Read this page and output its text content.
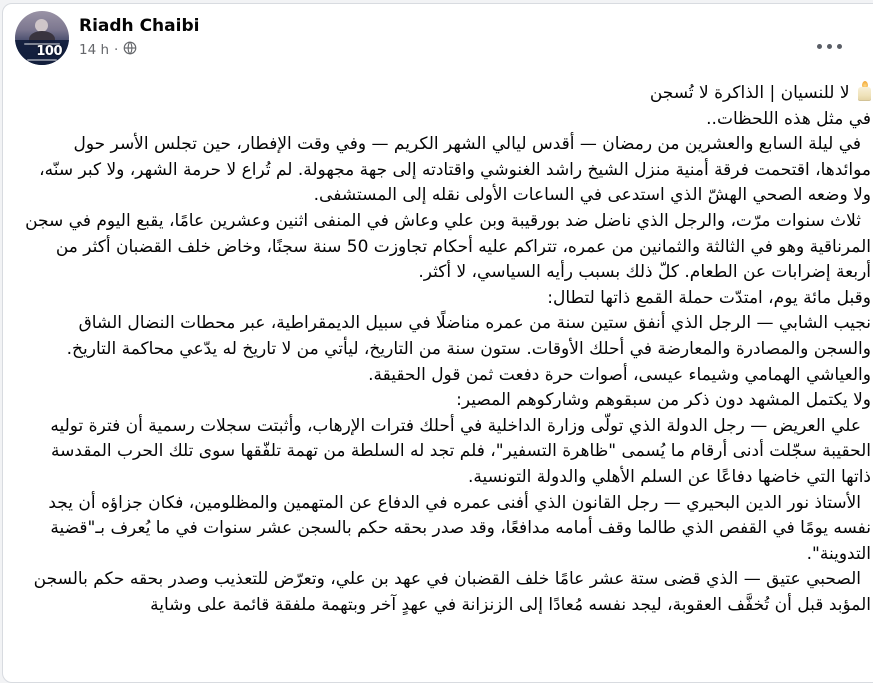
100
Riadh Chaibi
14 h ·

لا للنسيان | الذاكرة لا تُسجن

في مثل هذه اللحظات..

في ليلة السابع والعشرين من رمضان — أقدس ليالي الشهر الكريم — وفي وقت الإفطار، حين تجلس الأسر حول موائدها، اقتحمت فرقة أمنية منزل الشيخ راشد الغنوشي واقتادته إلى جهة مجهولة. لم تُراع لا حرمة الشهر، ولا كبر سنّه، ولا وضعه الصحي الهشّ الذي استدعى في الساعات الأولى نقله إلى المستشفى.

ثلاث سنوات مرّت، والرجل الذي ناضل ضد بورقيبة وبن علي وعاش في المنفى اثنين وعشرين عامًا، يقبع اليوم في سجن المرناقية وهو في الثالثة والثمانين من عمره، تتراكم عليه أحكام تجاوزت 50 سنة سجنًا، وخاض خلف القضبان أكثر من أربعة إضرابات عن الطعام. كلّ ذلك بسبب رأيه السياسي، لا أكثر.

وقبل مائة يوم، امتدّت حملة القمع ذاتها لتطال:

نجيب الشابي — الرجل الذي أنفق ستين سنة من عمره مناضلًا في سبيل الديمقراطية، عبر محطات النضال الشاق والسجن والمصادرة والمعارضة في أحلك الأوقات. ستون سنة من التاريخ، ليأتي من لا تاريخ له يدّعي محاكمة التاريخ.

والعياشي الهمامي وشيماء عيسى، أصوات حرة دفعت ثمن قول الحقيقة.

ولا يكتمل المشهد دون ذكر من سبقوهم وشاركوهم المصير:

علي العريض — رجل الدولة الذي تولّى وزارة الداخلية في أحلك فترات الإرهاب، وأثبتت سجلات رسمية أن فترة توليه الحقيبة سجّلت أدنى أرقام ما يُسمى "ظاهرة التسفير"، فلم تجد له السلطة من تهمة تلفّقها سوى تلك الحرب المقدسة ذاتها التي خاضها دفاعًا عن السلم الأهلي والدولة التونسية.

الأستاذ نور الدين البحيري — رجل القانون الذي أفنى عمره في الدفاع عن المتهمين والمظلومين، فكان جزاؤه أن يجد نفسه يومًا في القفص الذي طالما وقف أمامه مدافعًا، وقد صدر بحقه حكم بالسجن عشر سنوات في ما يُعرف بـ"قضية التدوينة".

الصحبي عتيق — الذي قضى ستة عشر عامًا خلف القضبان في عهد بن علي، وتعرّض للتعذيب وصدر بحقه حكم بالسجن المؤبد قبل أن تُخفَّف العقوبة، ليجد نفسه مُعادًا إلى الزنزانة في عهدٍ آخر وبتهمة ملفقة قائمة على وشاية
